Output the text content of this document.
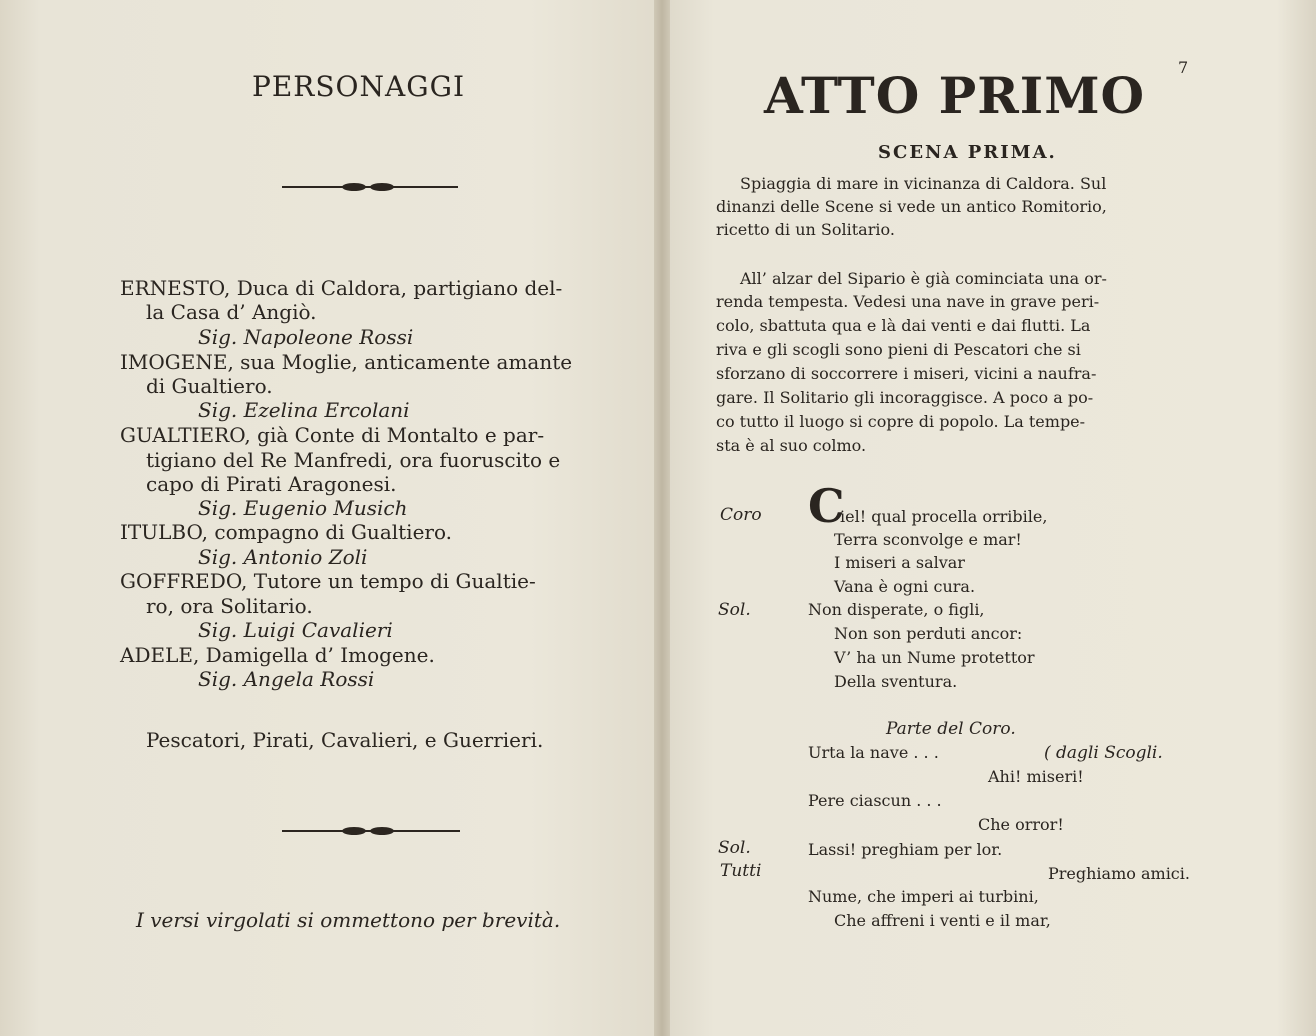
PERSONAGGI
ERNESTO, Duca di Caldora, partigiano del-
la Casa d’ Angiò.
Sig. Napoleone Rossi
IMOGENE, sua Moglie, anticamente amante
di Gualtiero.
Sig. Ezelina Ercolani
GUALTIERO, già Conte di Montalto e par-
tigiano del Re Manfredi, ora fuoruscito e
capo di Pirati Aragonesi.
Sig. Eugenio Musich
ITULBO, compagno di Gualtiero.
Sig. Antonio Zoli
GOFFREDO, Tutore un tempo di Gualtie-
ro, ora Solitario.
Sig. Luigi Cavalieri
ADELE, Damigella d’ Imogene.
Sig. Angela Rossi
Pescatori, Pirati, Cavalieri, e Guerrieri.
I versi virgolati si ommettono per brevità.
7
ATTO PRIMO
SCENA PRIMA.
Spiaggia di mare in vicinanza di Caldora. Sul
dinanzi delle Scene si vede un antico Romitorio,
ricetto di un Solitario.
All’ alzar del Sipario è già cominciata una or-
renda tempesta. Vedesi una nave in grave peri-
colo, sbattuta qua e là dai venti e dai flutti. La
riva e gli scogli sono pieni di Pescatori che si
sforzano di soccorrere i miseri, vicini a naufra-
gare. Il Solitario gli incoraggisce. A poco a po-
co tutto il luogo si copre di popolo. La tempe-
sta è al suo colmo.
Coro C
iel! qual procella orribile,
Terra sconvolge e mar!
I miseri a salvar
Vana è ogni cura.
Sol.	Non disperate, o figli,
Non son perduti ancor:
V’ ha un Nume protettor
Della sventura.
Parte del Coro.
Urta la nave . . .	( dagli Scogli.
Ahi! miseri!
Pere ciascun . . .
Che orror!
Sol.	Lassi! preghiam per lor.
Tutti	Preghiamo amici.
Nume, che imperi ai turbini,
Che affreni i venti e il mar,
